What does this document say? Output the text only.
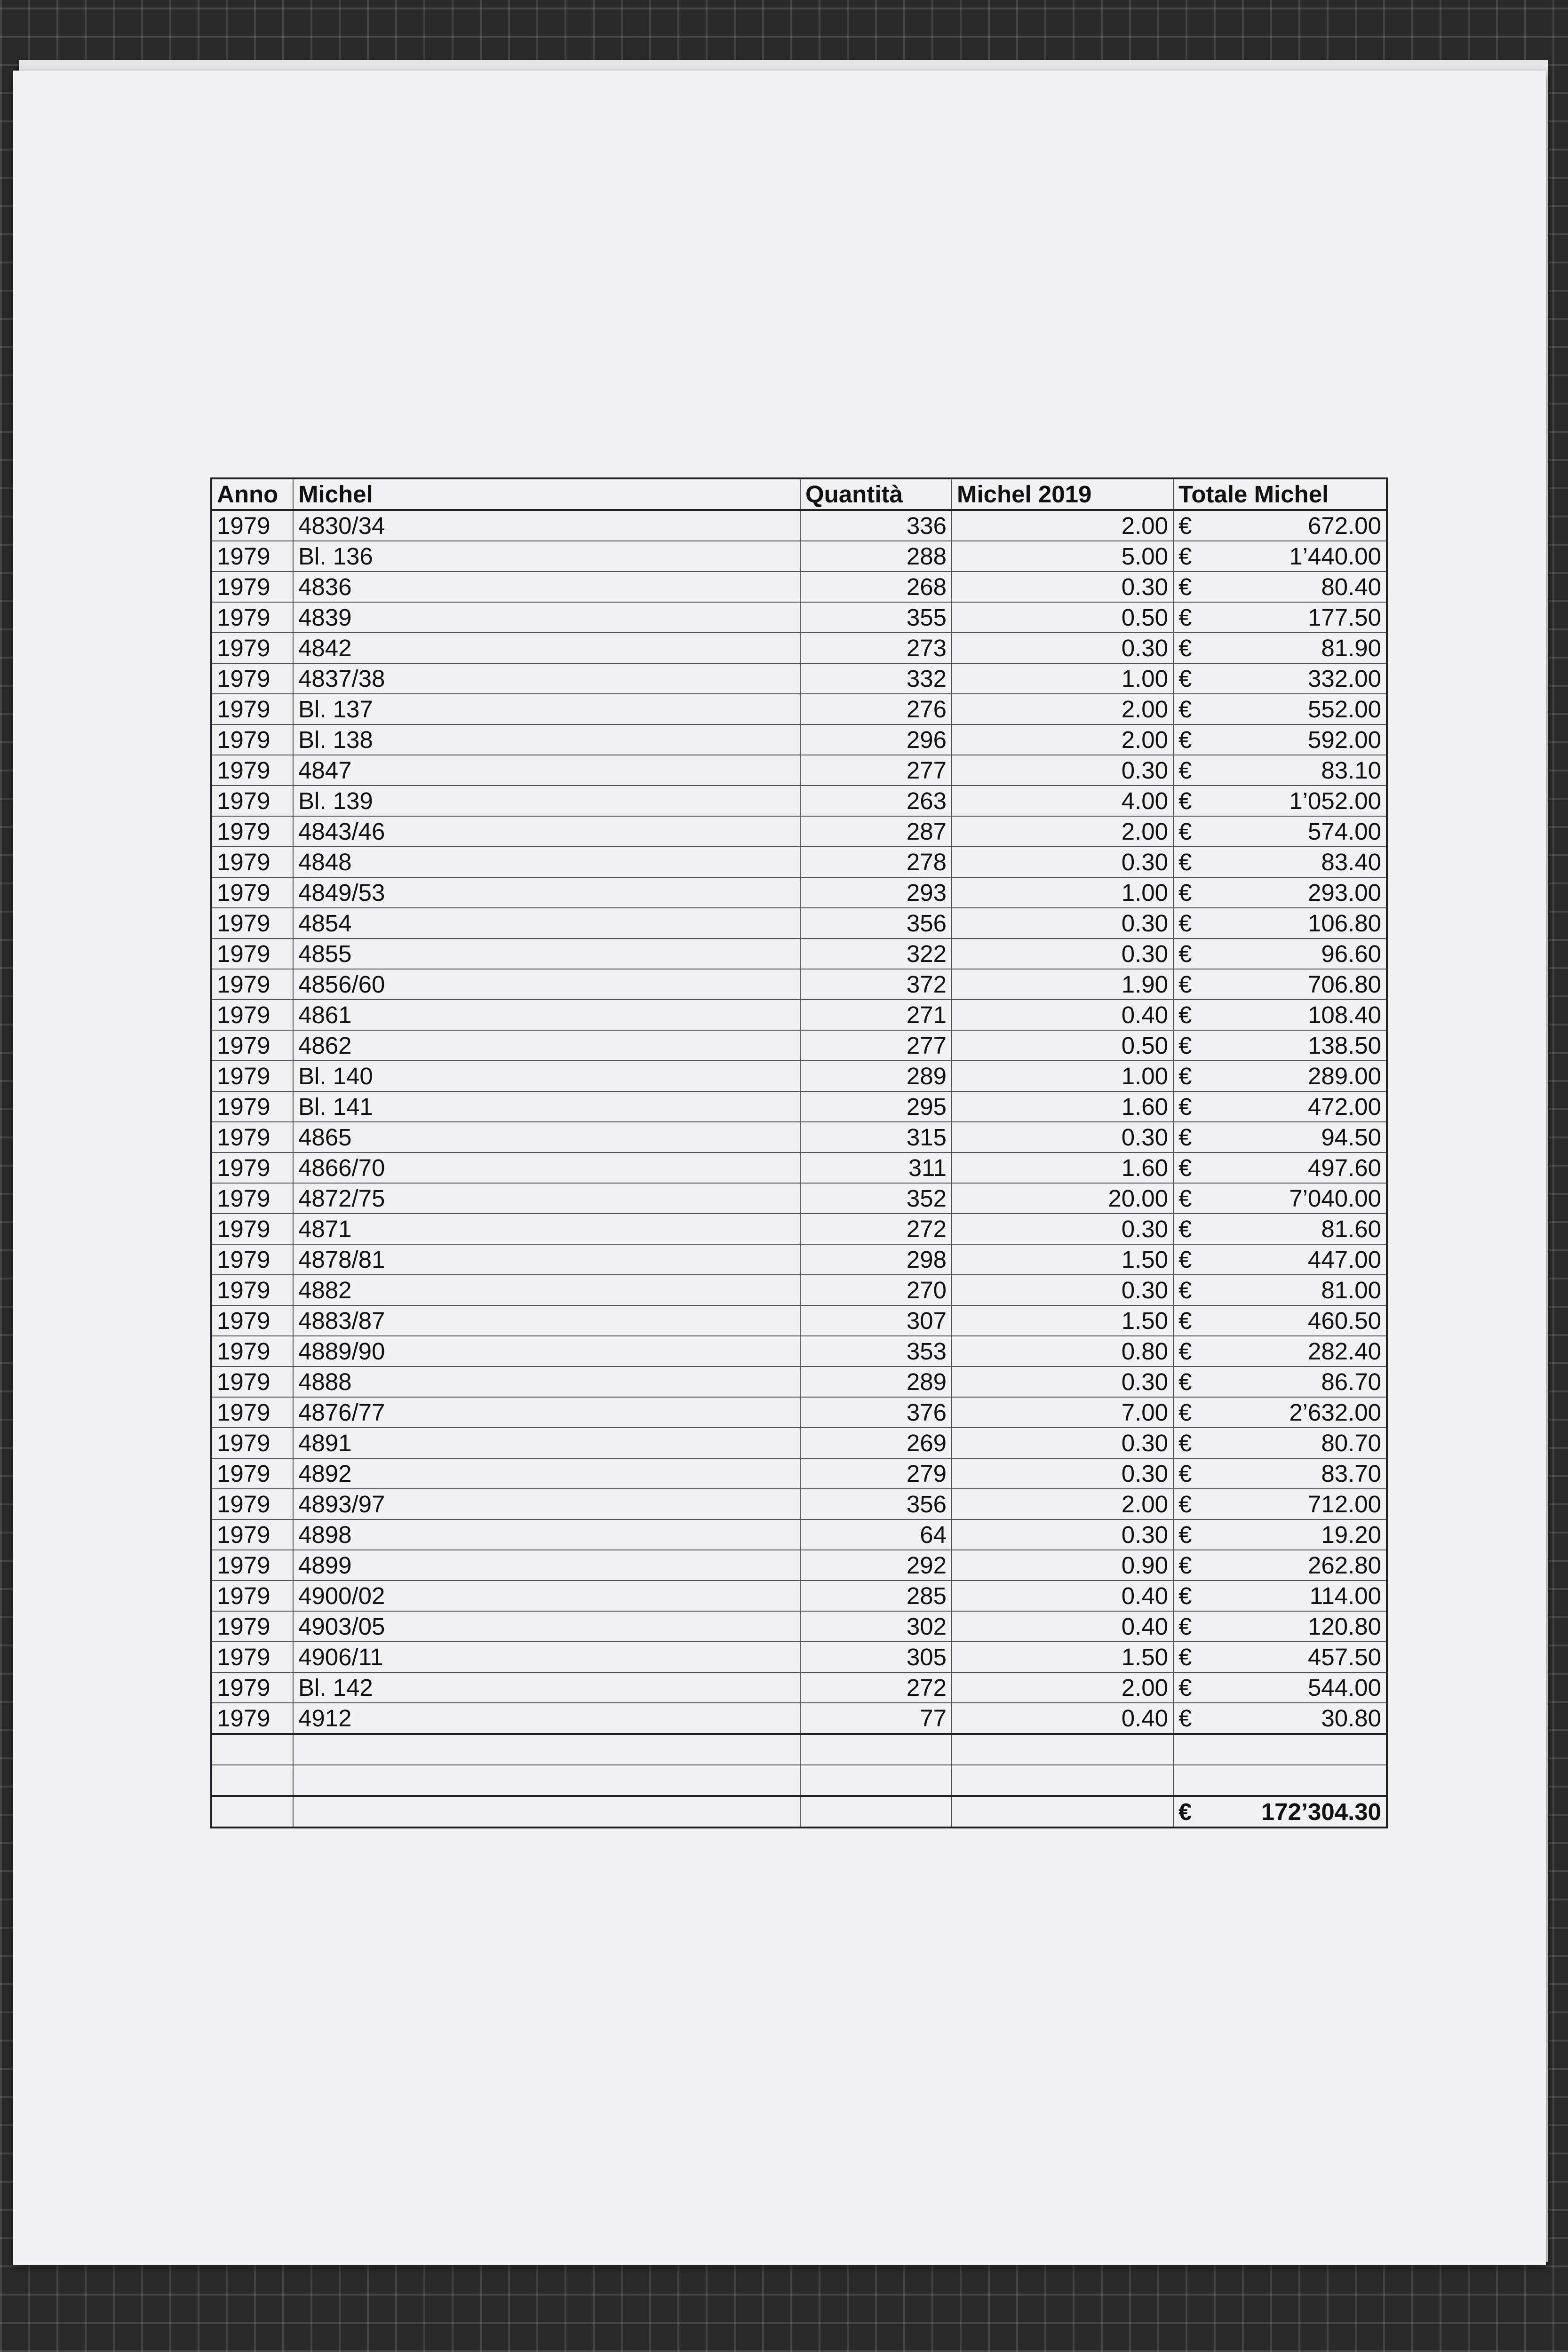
Anno	Michel	Quantità	Michel 2019	Totale Michel	
1979	4830/34	336	2.00	€	672.00
1979	Bl. 136	288	5.00	€	1’440.00
1979	4836	268	0.30	€	80.40
1979	4839	355	0.50	€	177.50
1979	4842	273	0.30	€	81.90
1979	4837/38	332	1.00	€	332.00
1979	Bl. 137	276	2.00	€	552.00
1979	Bl. 138	296	2.00	€	592.00
1979	4847	277	0.30	€	83.10
1979	Bl. 139	263	4.00	€	1’052.00
1979	4843/46	287	2.00	€	574.00
1979	4848	278	0.30	€	83.40
1979	4849/53	293	1.00	€	293.00
1979	4854	356	0.30	€	106.80
1979	4855	322	0.30	€	96.60
1979	4856/60	372	1.90	€	706.80
1979	4861	271	0.40	€	108.40
1979	4862	277	0.50	€	138.50
1979	Bl. 140	289	1.00	€	289.00
1979	Bl. 141	295	1.60	€	472.00
1979	4865	315	0.30	€	94.50
1979	4866/70	311	1.60	€	497.60
1979	4872/75	352	20.00	€	7’040.00
1979	4871	272	0.30	€	81.60
1979	4878/81	298	1.50	€	447.00
1979	4882	270	0.30	€	81.00
1979	4883/87	307	1.50	€	460.50
1979	4889/90	353	0.80	€	282.40
1979	4888	289	0.30	€	86.70
1979	4876/77	376	7.00	€	2’632.00
1979	4891	269	0.30	€	80.70
1979	4892	279	0.30	€	83.70
1979	4893/97	356	2.00	€	712.00
1979	4898	64	0.30	€	19.20
1979	4899	292	0.90	€	262.80
1979	4900/02	285	0.40	€	114.00
1979	4903/05	302	0.40	€	120.80
1979	4906/11	305	1.50	€	457.50
1979	Bl. 142	272	2.00	€	544.00
1979	4912	77	0.40	€	30.80

				€	172’304.30
